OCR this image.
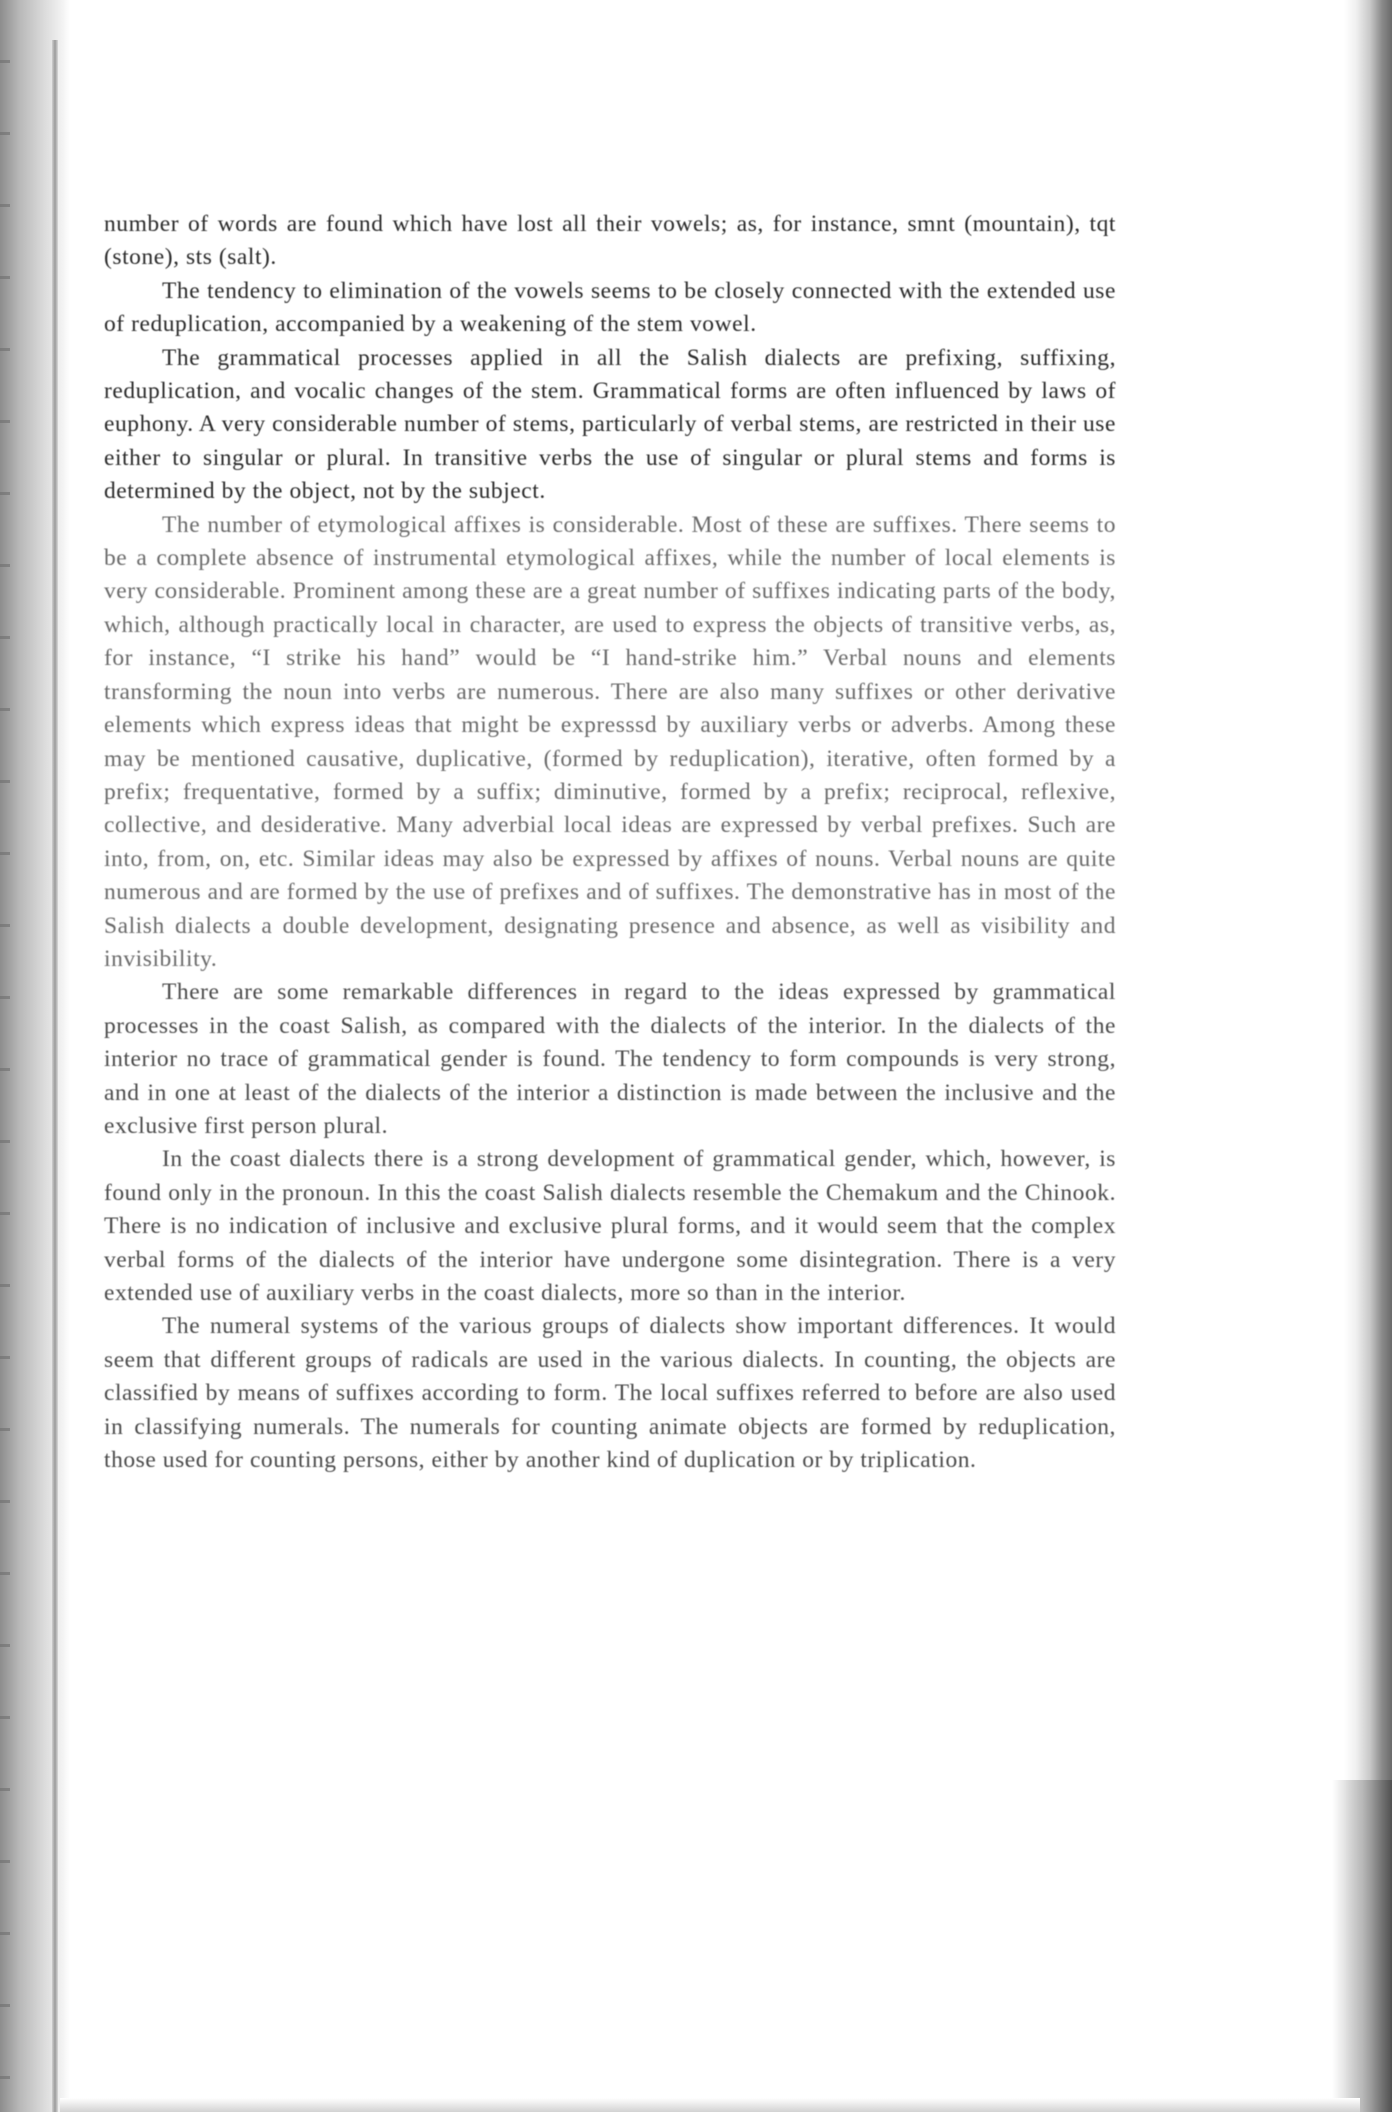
number of words are found which have lost all their vowels; as, for instance, smnt (mountain), tqt (stone), sts (salt).

The tendency to elimination of the vowels seems to be closely connected with the extended use of reduplication, accompanied by a weakening of the stem vowel.

The grammatical processes applied in all the Salish dialects are prefixing, suffixing, reduplication, and vocalic changes of the stem. Grammatical forms are often influenced by laws of euphony. A very considerable number of stems, particularly of verbal stems, are restricted in their use either to singular or plural. In transitive verbs the use of singular or plural stems and forms is determined by the object, not by the subject.

The number of etymological affixes is considerable. Most of these are suffixes. There seems to be a complete absence of instrumental etymological affixes, while the number of local elements is very considerable. Prominent among these are a great number of suffixes indicating parts of the body, which, although practically local in character, are used to express the objects of transitive verbs, as, for instance, “I strike his hand” would be “I hand-strike him.” Verbal nouns and elements transforming the noun into verbs are numerous. There are also many suffixes or other derivative elements which express ideas that might be expresssd by auxiliary verbs or adverbs. Among these may be mentioned causative, duplicative, (formed by reduplication), iterative, often formed by a prefix; frequentative, formed by a suffix; diminutive, formed by a prefix; reciprocal, reflexive, collective, and desiderative. Many adverbial local ideas are expressed by verbal prefixes. Such are into, from, on, etc. Similar ideas may also be expressed by affixes of nouns. Verbal nouns are quite numerous and are formed by the use of prefixes and of suffixes. The demonstrative has in most of the Salish dialects a double development, designating presence and absence, as well as visibility and invisibility.

There are some remarkable differences in regard to the ideas expressed by grammatical processes in the coast Salish, as compared with the dialects of the interior. In the dialects of the interior no trace of grammatical gender is found. The tendency to form compounds is very strong, and in one at least of the dialects of the interior a distinction is made between the inclusive and the exclusive first person plural.

In the coast dialects there is a strong development of grammatical gender, which, however, is found only in the pronoun. In this the coast Salish dialects resemble the Chemakum and the Chinook. There is no indication of inclusive and exclusive plural forms, and it would seem that the complex verbal forms of the dialects of the interior have undergone some disintegration. There is a very extended use of auxiliary verbs in the coast dialects, more so than in the interior.

The numeral systems of the various groups of dialects show important differences. It would seem that different groups of radicals are used in the various dialects. In counting, the objects are classified by means of suffixes according to form. The local suffixes referred to before are also used in classifying numerals. The numerals for counting animate objects are formed by reduplication, those used for counting persons, either by another kind of duplication or by triplication.
